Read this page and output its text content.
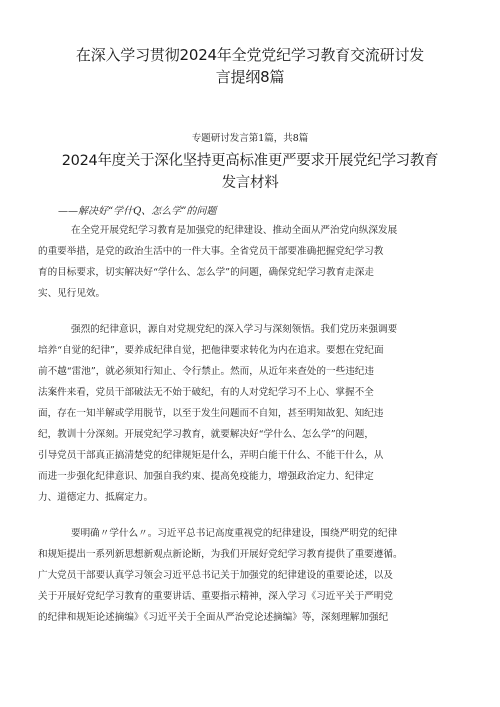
在深入学习贯彻2024年全党党纪学习教育交流研讨发
言提纲8篇
专题研讨发言第1篇，共8篇
2024年度关于深化坚持更高标准更严要求开展党纪学习教育
发言材料
——解决好“学什Q、怎么学”的问题
在全党开展党纪学习教育是加强党的纪律建设、推动全面从严治党向纵深发展
的重要举措，是党的政治生活中的一件大事。全省党员干部要准确把握党纪学习教
育的目标要求，切实解决好“学什么、怎么学”的问题，确保党纪学习教育走深走
实、见行见效。
强烈的纪律意识，源自对党规党纪的深入学习与深刻领悟。我们党历来强调要
培养“自觉的纪律”，要养成纪律自觉，把他律要求转化为内在追求。要想在党纪面
前不越“雷池”，就必须知行知止、令行禁止。然而，从近年来查处的一些违纪违
法案件来看，党员干部破法无不始于破纪，有的人对党纪学习不上心、掌握不全
面，存在一知半解或学用脱节，以至于发生问题而不自知，甚至明知故犯、知纪违
纪，教训十分深刻。开展党纪学习教育，就要解决好“学什么、怎么学”的问题，
引导党员干部真正搞清楚党的纪律规矩是什么，弄明白能干什么、不能干什么，从
而进一步强化纪律意识、加强自我约束、提高免疫能力，增强政治定力、纪律定
力、道德定力、抵腐定力。
要明确〃学什么〃。习近平总书记高度重视党的纪律建设，围绕严明党的纪律
和规矩提出一系列新思想新观点新论断，为我们开展好党纪学习教育提供了重要遵循。
广大党员干部要认真学习领会习近平总书记关于加强党的纪律建设的重要论述，以及
关于开展好党纪学习教育的重要讲话、重要指示精神，深入学习《习近平关于严明党
的纪律和规矩论述摘编》《习近平关于全面从严治党论述摘编》等，深刻理解加强纪
